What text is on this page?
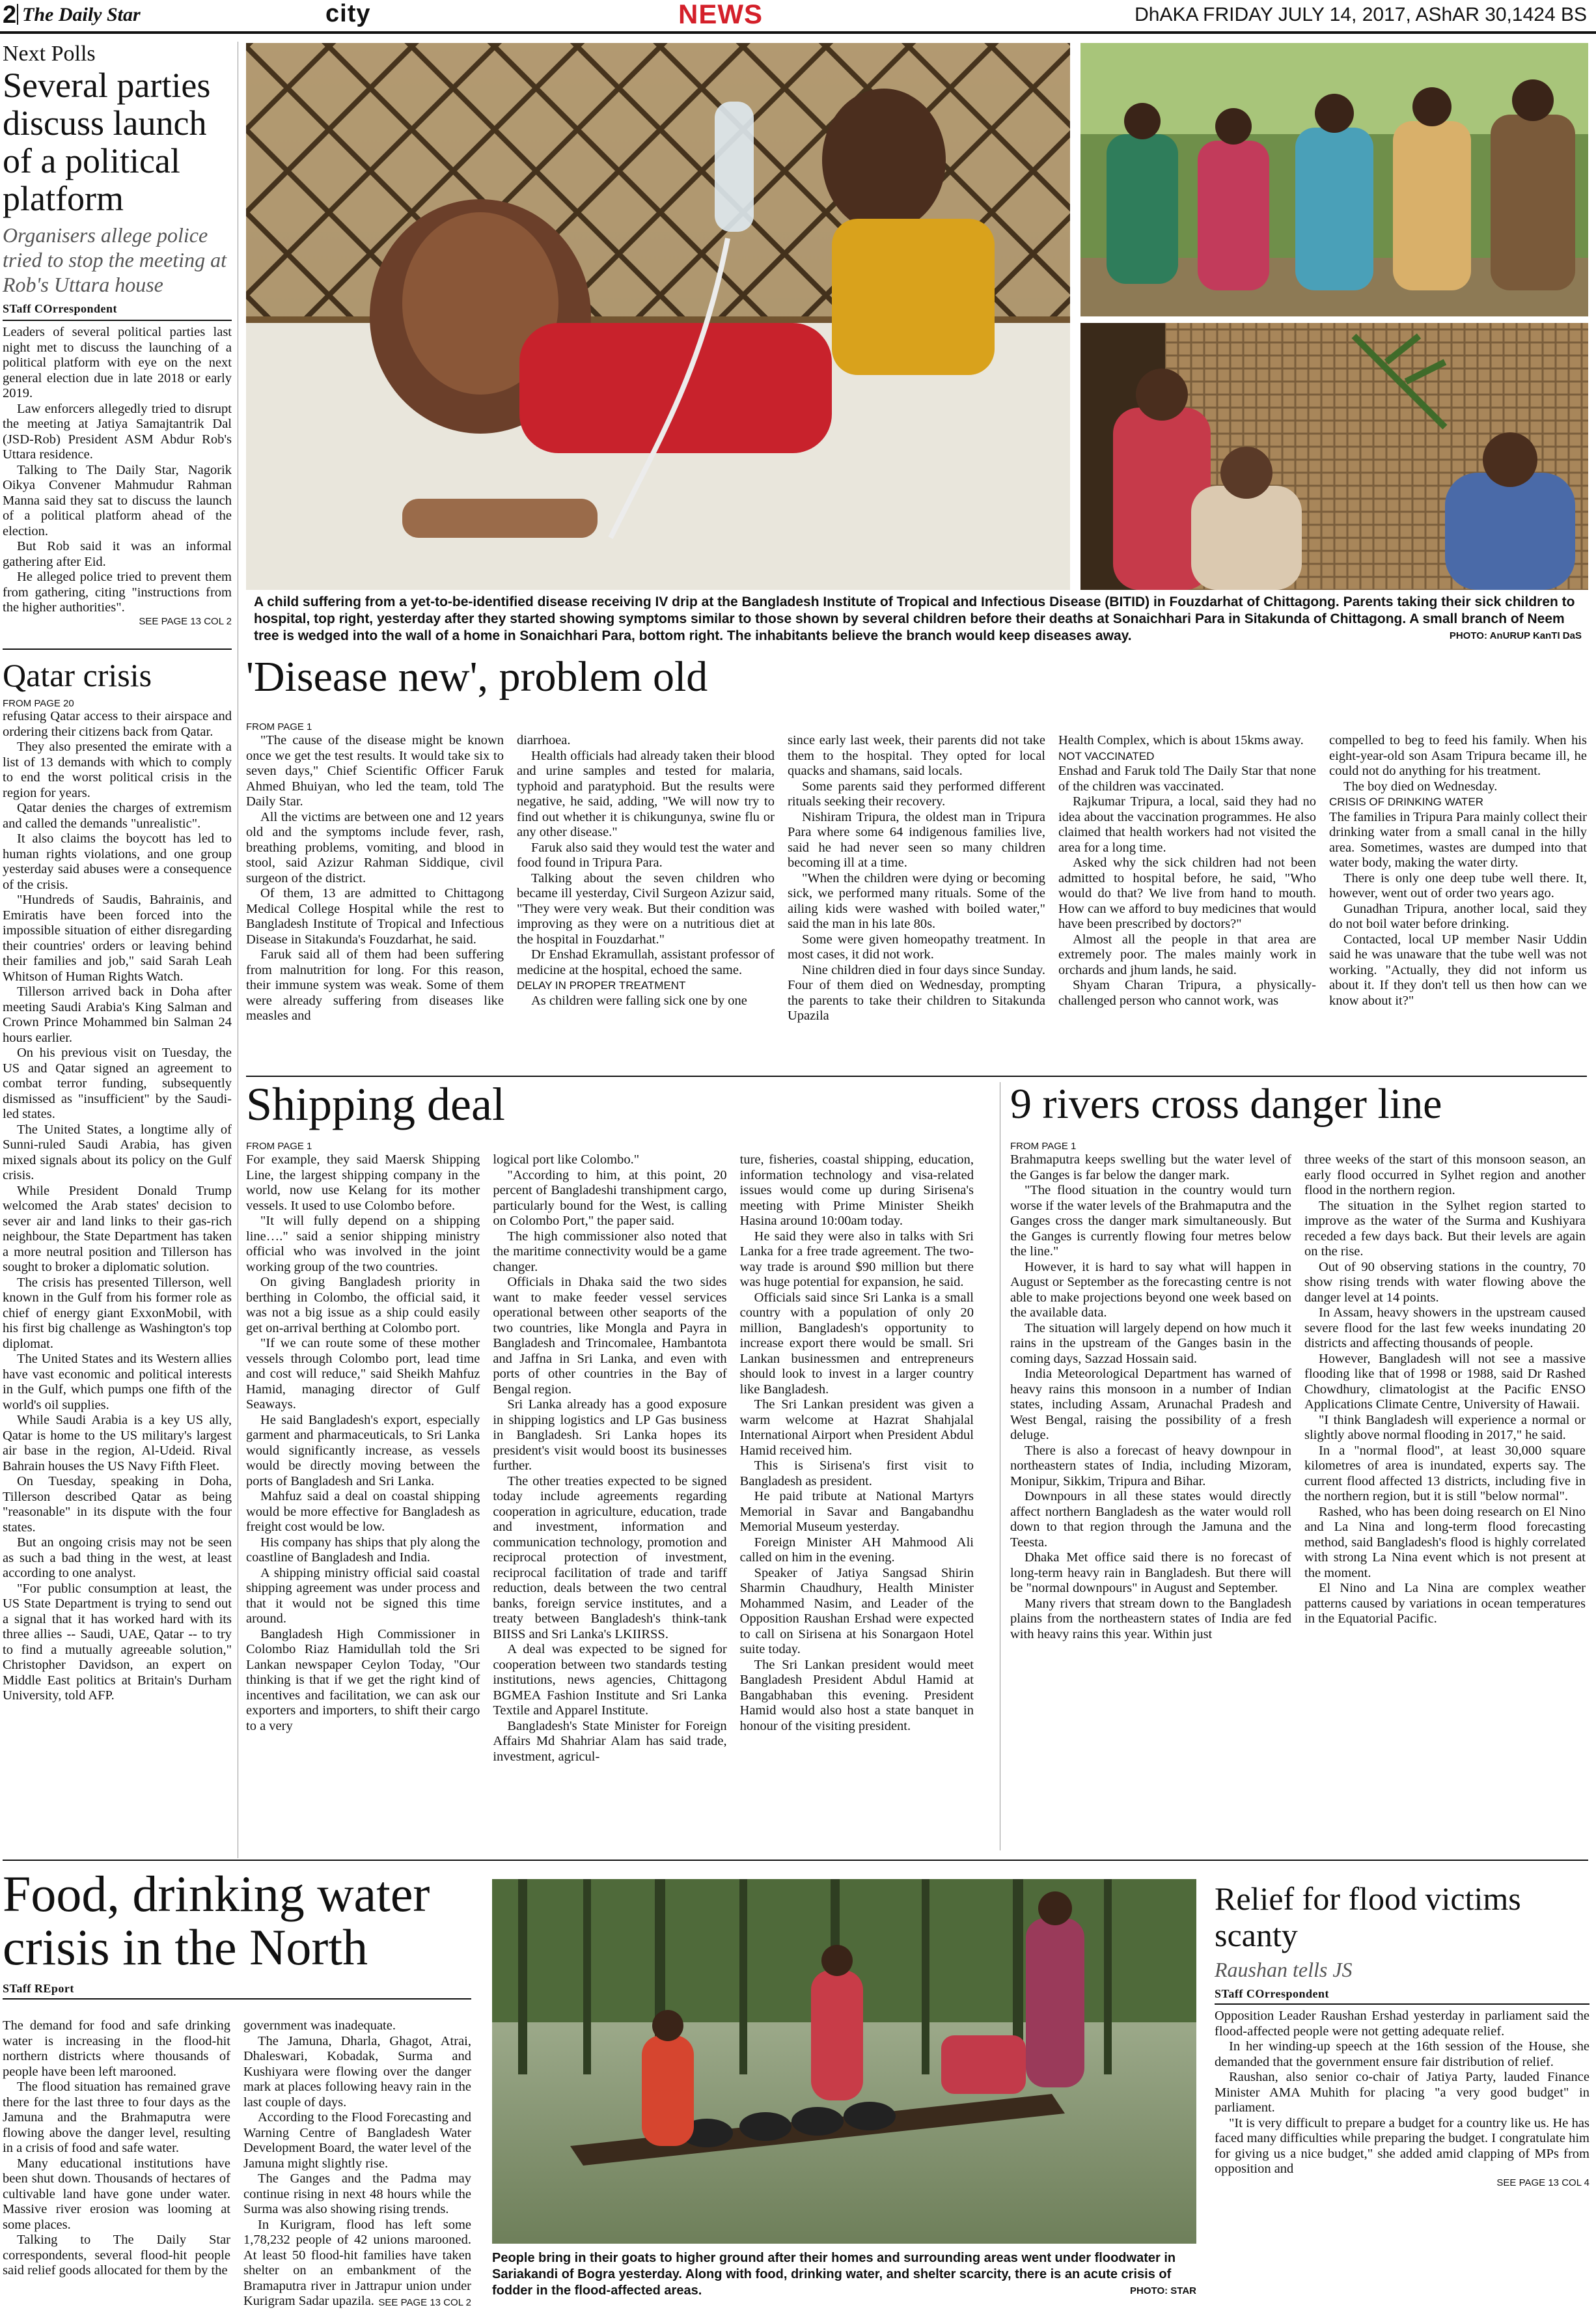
2 The Daily Star	city	NEWS	DhAKA FRIDAY JULY 14, 2017, AShAR 30,1424 BS
Next Polls
Several parties discuss launch of a political platform
Organisers allege police tried to stop the meeting at Rob's Uttara house
STaff COrrespondent

Leaders of several political parties last night met to discuss the launching of a political platform with eye on the next general election due in late 2018 or early 2019.

Law enforcers allegedly tried to disrupt the meeting at Jatiya Samajtantrik Dal (JSD-Rob) President ASM Abdur Rob's Uttara residence.

Talking to The Daily Star, Nagorik Oikya Convener Mahmudur Rahman Manna said they sat to discuss the launch of a political platform ahead of the election.

But Rob said it was an informal gathering after Eid.

He alleged police tried to prevent them from gathering, citing "instructions from the higher authorities".

SEE PAGE 13 COL 2
Qatar crisis
FROM PAGE 20

refusing Qatar access to their airspace and ordering their citizens back from Qatar.

They also presented the emirate with a list of 13 demands with which to comply to end the worst political crisis in the region for years.

Qatar denies the charges of extremism and called the demands "unrealistic".

It also claims the boycott has led to human rights violations, and one group yesterday said abuses were a consequence of the crisis.

"Hundreds of Saudis, Bahrainis, and Emiratis have been forced into the impossible situation of either disregarding their countries' orders or leaving behind their families and job," said Sarah Leah Whitson of Human Rights Watch.

Tillerson arrived back in Doha after meeting Saudi Arabia's King Salman and Crown Prince Mohammed bin Salman 24 hours earlier.

On his previous visit on Tuesday, the US and Qatar signed an agreement to combat terror funding, subsequently dismissed as "insufficient" by the Saudi-led states.

The United States, a longtime ally of Sunni-ruled Saudi Arabia, has given mixed signals about its policy on the Gulf crisis.

While President Donald Trump welcomed the Arab states' decision to sever air and land links to their gas-rich neighbour, the State Department has taken a more neutral position and Tillerson has sought to broker a diplomatic solution.

The crisis has presented Tillerson, well known in the Gulf from his former role as chief of energy giant ExxonMobil, with his first big challenge as Washington's top diplomat.

The United States and its Western allies have vast economic and political interests in the Gulf, which pumps one fifth of the world's oil supplies.

While Saudi Arabia is a key US ally, Qatar is home to the US military's largest air base in the region, Al-Udeid. Rival Bahrain houses the US Navy Fifth Fleet.

On Tuesday, speaking in Doha, Tillerson described Qatar as being "reasonable" in its dispute with the four states.

But an ongoing crisis may not be seen as such a bad thing in the west, at least according to one analyst.

"For public consumption at least, the US State Department is trying to send out a signal that it has worked hard with its three allies -- Saudi, UAE, Qatar -- to try to find a mutually agreeable solution," Christopher Davidson, an expert on Middle East politics at Britain's Durham University, told AFP.

A child suffering from a yet-to-be-identified disease receiving IV drip at the Bangladesh Institute of Tropical and Infectious Disease (BITID) in Fouzdarhat of Chittagong. Parents taking their sick children to hospital, top right, yesterday after they started showing symptoms similar to those shown by several children before their deaths at Sonaichhari Para in Sitakunda of Chittagong. A small branch of Neem tree is wedged into the wall of a home in Sonaichhari Para, bottom right. The inhabitants believe the branch would keep diseases away.	PHOTO: AnURUP KanTI DaS
'Disease new', problem old
FROM PAGE 1

"The cause of the disease might be known once we get the test results. It would take six to seven days," Chief Scientific Officer Faruk Ahmed Bhuiyan, who led the team, told The Daily Star.

All the victims are between one and 12 years old and the symptoms include fever, rash, breathing problems, vomiting, and blood in stool, said Azizur Rahman Siddique, civil surgeon of the district.

Of them, 13 are admitted to Chittagong Medical College Hospital while the rest to Bangladesh Institute of Tropical and Infectious Disease in Sitakunda's Fouzdarhat, he said.

Faruk said all of them had been suffering from malnutrition for long. For this reason, their immune system was weak. Some of them were already suffering from diseases like measles and

diarrhoea.

Health officials had already taken their blood and urine samples and tested for malaria, typhoid and paratyphoid. But the results were negative, he said, adding, "We will now try to find out whether it is chikungunya, swine flu or any other disease."

Faruk also said they would test the water and food found in Tripura Para.

Talking about the seven children who became ill yesterday, Civil Surgeon Azizur said, "They were very weak. But their condition was improving as they were on a nutritious diet at the hospital in Fouzdarhat."

Dr Enshad Ekramullah, assistant professor of medicine at the hospital, echoed the same.

DELAY IN PROPER TREATMENT

As children were falling sick one by one

since early last week, their parents did not take them to the hospital. They opted for local quacks and shamans, said locals.

Some parents said they performed different rituals seeking their recovery.

Nishiram Tripura, the oldest man in Tripura Para where some 64 indigenous families live, said he had never seen so many children becoming ill at a time.

"When the children were dying or becoming sick, we performed many rituals. Some of the ailing kids were washed with boiled water," said the man in his late 80s.

Some were given homeopathy treatment. In most cases, it did not work.

Nine children died in four days since Sunday. Four of them died on Wednesday, prompting the parents to take their children to Sitakunda Upazila

Health Complex, which is about 15kms away.

NOT VACCINATED

Enshad and Faruk told The Daily Star that none of the children was vaccinated.

Rajkumar Tripura, a local, said they had no idea about the vaccination programmes. He also claimed that health workers had not visited the area for a long time.

Asked why the sick children had not been admitted to hospital before, he said, "Who would do that? We live from hand to mouth. How can we afford to buy medicines that would have been prescribed by doctors?"

Almost all the people in that area are extremely poor. The males mainly work in orchards and jhum lands, he said.

Shyam Charan Tripura, a physically-challenged person who cannot work, was

compelled to beg to feed his family. When his eight-year-old son Asam Tripura became ill, he could not do anything for his treatment.

The boy died on Wednesday.

CRISIS OF DRINKING WATER

The families in Tripura Para mainly collect their drinking water from a small canal in the hilly area. Sometimes, wastes are dumped into that water body, making the water dirty.

There is only one deep tube well there. It, however, went out of order two years ago.

Gunadhan Tripura, another local, said they do not boil water before drinking.

Contacted, local UP member Nasir Uddin said he was unaware that the tube well was not working. "Actually, they did not inform us about it. If they don't tell us then how can we know about it?"

Shipping deal
FROM PAGE 1

For example, they said Maersk Shipping Line, the largest shipping company in the world, now use Kelang for its mother vessels. It used to use Colombo before.

"It will fully depend on a shipping line…." said a senior shipping ministry official who was involved in the joint working group of the two countries.

On giving Bangladesh priority in berthing in Colombo, the official said, it was not a big issue as a ship could easily get on-arrival berthing at Colombo port.

"If we can route some of these mother vessels through Colombo port, lead time and cost will reduce," said Sheikh Mahfuz Hamid, managing director of Gulf Seaways.

He said Bangladesh's export, especially garment and pharmaceuticals, to Sri Lanka would significantly increase, as vessels would be directly moving between the ports of Bangladesh and Sri Lanka.

Mahfuz said a deal on coastal shipping would be more effective for Bangladesh as freight cost would be low.

His company has ships that ply along the coastline of Bangladesh and India.

A shipping ministry official said coastal shipping agreement was under process and that it would not be signed this time around.

Bangladesh High Commissioner in Colombo Riaz Hamidullah told the Sri Lankan newspaper Ceylon Today, "Our thinking is that if we get the right kind of incentives and facilitation, we can ask our exporters and importers, to shift their cargo to a very

logical port like Colombo."

"According to him, at this point, 20 percent of Bangladeshi transhipment cargo, particularly bound for the West, is calling on Colombo Port," the paper said.

The high commissioner also noted that the maritime connectivity would be a game changer.

Officials in Dhaka said the two sides want to make feeder vessel services operational between other seaports of the two countries, like Mongla and Payra in Bangladesh and Trincomalee, Hambantota and Jaffna in Sri Lanka, and even with ports of other countries in the Bay of Bengal region.

Sri Lanka already has a good exposure in shipping logistics and LP Gas business in Bangladesh. Sri Lanka hopes its president's visit would boost its businesses further.

The other treaties expected to be signed today include agreements regarding cooperation in agriculture, education, trade and investment, information and communication technology, promotion and reciprocal protection of investment, reciprocal facilitation of trade and tariff reduction, deals between the two central banks, foreign service institutes, and a treaty between Bangladesh's think-tank BIISS and Sri Lanka's LKIIRSS.

A deal was expected to be signed for cooperation between two standards testing institutions, news agencies, Chittagong BGMEA Fashion Institute and Sri Lanka Textile and Apparel Institute.

Bangladesh's State Minister for Foreign Affairs Md Shahriar Alam has said trade, investment, agricul-

ture, fisheries, coastal shipping, education, information technology and visa-related issues would come up during Sirisena's meeting with Prime Minister Sheikh Hasina around 10:00am today.

He said they were also in talks with Sri Lanka for a free trade agreement. The two-way trade is around $90 million but there was huge potential for expansion, he said.

Officials said since Sri Lanka is a small country with a population of only 20 million, Bangladesh's opportunity to increase export there would be small. Sri Lankan businessmen and entrepreneurs should look to invest in a larger country like Bangladesh.

The Sri Lankan president was given a warm welcome at Hazrat Shahjalal International Airport when President Abdul Hamid received him.

This is Sirisena's first visit to Bangladesh as president.

He paid tribute at National Martyrs Memorial in Savar and Bangabandhu Memorial Museum yesterday.

Foreign Minister AH Mahmood Ali called on him in the evening.

Speaker of Jatiya Sangsad Shirin Sharmin Chaudhury, Health Minister Mohammed Nasim, and Leader of the Opposition Raushan Ershad were expected to call on Sirisena at his Sonargaon Hotel suite today.

The Sri Lankan president would meet Bangladesh President Abdul Hamid at Bangabhaban this evening. President Hamid would also host a state banquet in honour of the visiting president.

9 rivers cross danger line
FROM PAGE 1

Brahmaputra keeps swelling but the water level of the Ganges is far below the danger mark.

"The flood situation in the country would turn worse if the water levels of the Brahmaputra and the Ganges cross the danger mark simultaneously. But the Ganges is currently flowing four metres below the line."

However, it is hard to say what will happen in August or September as the forecasting centre is not able to make projections beyond one week based on the available data.

The situation will largely depend on how much it rains in the upstream of the Ganges basin in the coming days, Sazzad Hossain said.

India Meteorological Department has warned of heavy rains this monsoon in a number of Indian states, including Assam, Arunachal Pradesh and West Bengal, raising the possibility of a fresh deluge.

There is also a forecast of heavy downpour in northeastern states of India, including Mizoram, Monipur, Sikkim, Tripura and Bihar.

Downpours in all these states would directly affect northern Bangladesh as the water would roll down to that region through the Jamuna and the Teesta.

Dhaka Met office said there is no forecast of long-term heavy rain in Bangladesh. But there will be "normal downpours" in August and September.

Many rivers that stream down to the Bangladesh plains from the northeastern states of India are fed with heavy rains this year. Within just

three weeks of the start of this monsoon season, an early flood occurred in Sylhet region and another flood in the northern region.

The situation in the Sylhet region started to improve as the water of the Surma and Kushiyara receded a few days back. But their levels are again on the rise.

Out of 90 observing stations in the country, 70 show rising trends with water flowing above the danger level at 14 points.

In Assam, heavy showers in the upstream caused severe flood for the last few weeks inundating 20 districts and affecting thousands of people.

However, Bangladesh will not see a massive flooding like that of 1998 or 1988, said Dr Rashed Chowdhury, climatologist at the Pacific ENSO Applications Climate Centre, University of Hawaii.

"I think Bangladesh will experience a normal or slightly above normal flooding in 2017," he said.

In a "normal flood", at least 30,000 square kilometres of area is inundated, experts say. The current flood affected 13 districts, including five in the northern region, but it is still "below normal".

Rashed, who has been doing research on El Nino and La Nina and long-term flood forecasting method, said Bangladesh's flood is highly correlated with strong La Nina event which is not present at the moment.

El Nino and La Nina are complex weather patterns caused by variations in ocean temperatures in the Equatorial Pacific.

Food, drinking water crisis in the North
STaff REport

The demand for food and safe drinking water is increasing in the flood-hit northern districts where thousands of people have been left marooned.

The flood situation has remained grave there for the last three to four days as the Jamuna and the Brahmaputra were flowing above the danger level, resulting in a crisis of food and safe water.

Many educational institutions have been shut down. Thousands of hectares of cultivable land have gone under water. Massive river erosion was looming at some places.

Talking to The Daily Star correspondents, several flood-hit people said relief goods allocated for them by the

government was inadequate.

The Jamuna, Dharla, Ghagot, Atrai, Dhaleswari, Kobadak, Surma and Kushiyara were flowing over the danger mark at places following heavy rain in the last couple of days.

According to the Flood Forecasting and Warning Centre of Bangladesh Water Development Board, the water level of the Jamuna might slightly rise.

The Ganges and the Padma may continue rising in next 48 hours while the Surma was also showing rising trends.

In Kurigram, flood has left some 1,78,232 people of 42 unions marooned. At least 50 flood-hit families have taken shelter on an embankment of the Bramaputra river in Jattrapur union under Kurigram Sadar upazila. SEE PAGE 13 COL 2
People bring in their goats to higher ground after their homes and surrounding areas went under floodwater in Sariakandi of Bogra yesterday. Along with food, drinking water, and shelter scarcity, there is an acute crisis of fodder in the flood-affected areas.	PHOTO: STAR
Relief for flood victims scanty
Raushan tells JS
STaff COrrespondent

Opposition Leader Raushan Ershad yesterday in parliament said the flood-affected people were not getting adequate relief.

In her winding-up speech at the 16th session of the House, she demanded that the government ensure fair distribution of relief.

Raushan, also senior co-chair of Jatiya Party, lauded Finance Minister AMA Muhith for placing "a very good budget" in parliament.

"It is very difficult to prepare a budget for a country like us. He has faced many difficulties while preparing the budget. I congratulate him for giving us a nice budget," she added amid clapping of MPs from opposition and

SEE PAGE 13 COL 4
